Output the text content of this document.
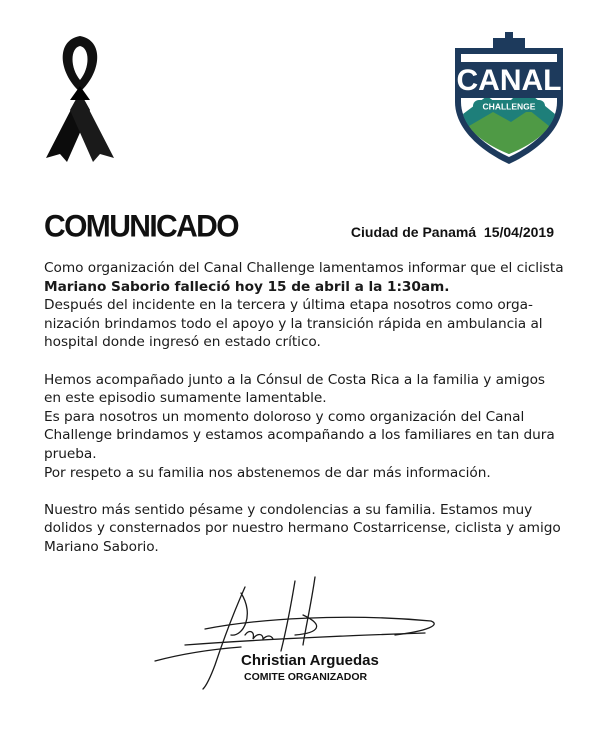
CANAL
CHALLENGE
COMUNICADO	Ciudad de Panamá  15/04/2019

Como organización del Canal Challenge lamentamos informar que el ciclista Mariano Saborio falleció hoy 15 de abril a la 1:30am.
Después del incidente en la tercera y última etapa nosotros como orga-nización brindamos todo el apoyo y la transición rápida en ambulancia al hospital donde ingresó en estado crítico.

Hemos acompañado junto a la Cónsul de Costa Rica a la familia y amigos en este episodio sumamente lamentable.

Es para nosotros un momento doloroso y como organización del Canal Challenge brindamos y estamos acompañando a los familiares en tan dura prueba.

Por respeto a su familia nos abstenemos de dar más información.

Nuestro más sentido pésame y condolencias a su familia. Estamos muy dolidos y consternados por nuestro hermano Costarricense, ciclista y amigo Mariano Saborio.

Christian Arguedas
COMITE ORGANIZADOR
